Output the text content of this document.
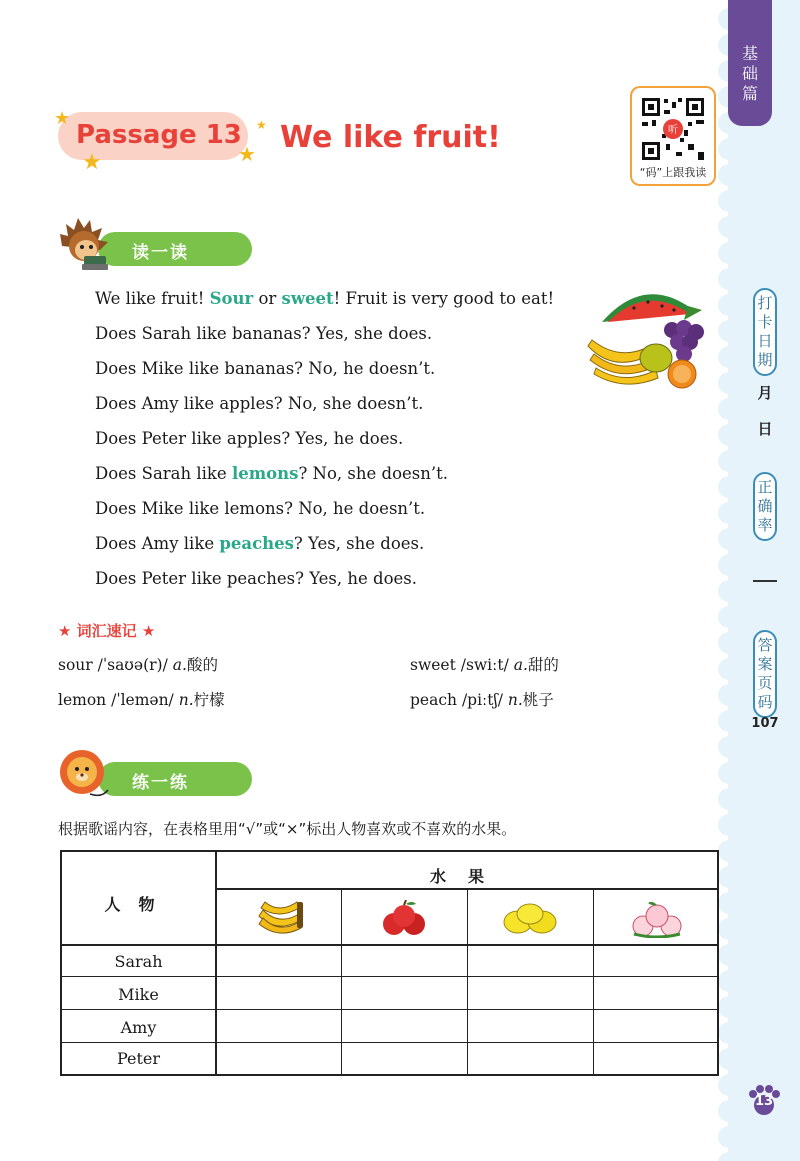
基础篇
打卡日期
月
日
正确率
答案页码
107
13
Passage 13
★
★	★
★ We like fruit!	听
“码”上跟我读
读一读
We like fruit! Sour or sweet! Fruit is very good to eat!
Does Sarah like bananas? Yes, she does.
Does Mike like bananas? No, he doesn’t.
Does Amy like apples? No, she doesn’t.
Does Peter like apples? Yes, he does.
Does Sarah like lemons? No, she doesn’t.
Does Mike like lemons? No, he doesn’t.
Does Amy like peaches? Yes, she does.
Does Peter like peaches? Yes, he does.
★ 词汇速记 ★
sour /ˈsaʊə(r)/ a.酸的	sweet /swiːt/ a.甜的
lemon /ˈlemən/ n.柠檬	peach /piːtʃ/ n.桃子
练一练
根据歌谣内容，在表格里用“√”或“×”标出人物喜欢或不喜欢的水果。
人物
水果
Sarah
Mike
Amy
Peter
